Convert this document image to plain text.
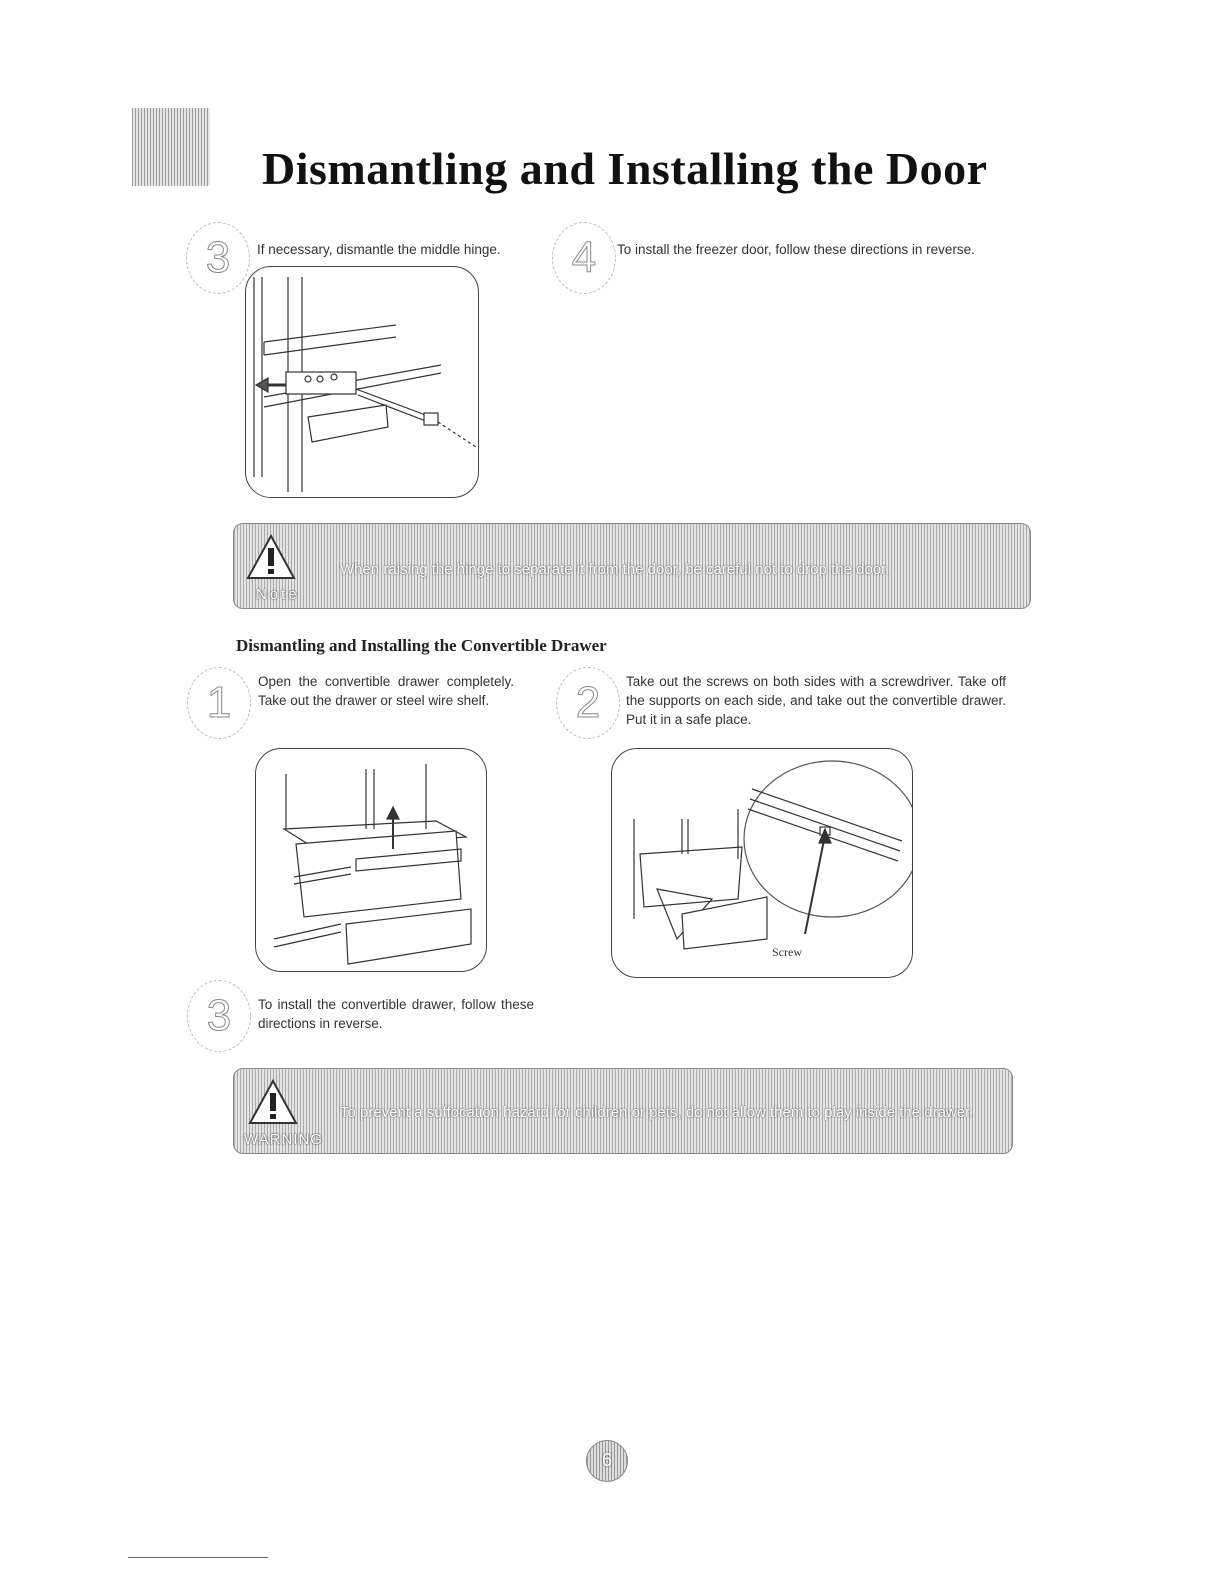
Dismantling and Installing the Door
3	If necessary, dismantle the middle hinge.	4	To install the freezer door, follow these directions in reverse.
Note
When raising the hinge to separate it from the door, be careful not to drop the door.
Dismantling and Installing the Convertible Drawer
1	Open the convertible drawer completely. Take out the drawer or steel wire shelf.	2	Take out the screws on both sides with a screwdriver. Take off the supports on each side, and take out the convertible drawer. Put it in a safe place.
Screw
3	To install the convertible drawer, follow these directions in reverse.
WARNING
To prevent a suffocation hazard for children or pets, do not allow them to play inside the drawer.
6
